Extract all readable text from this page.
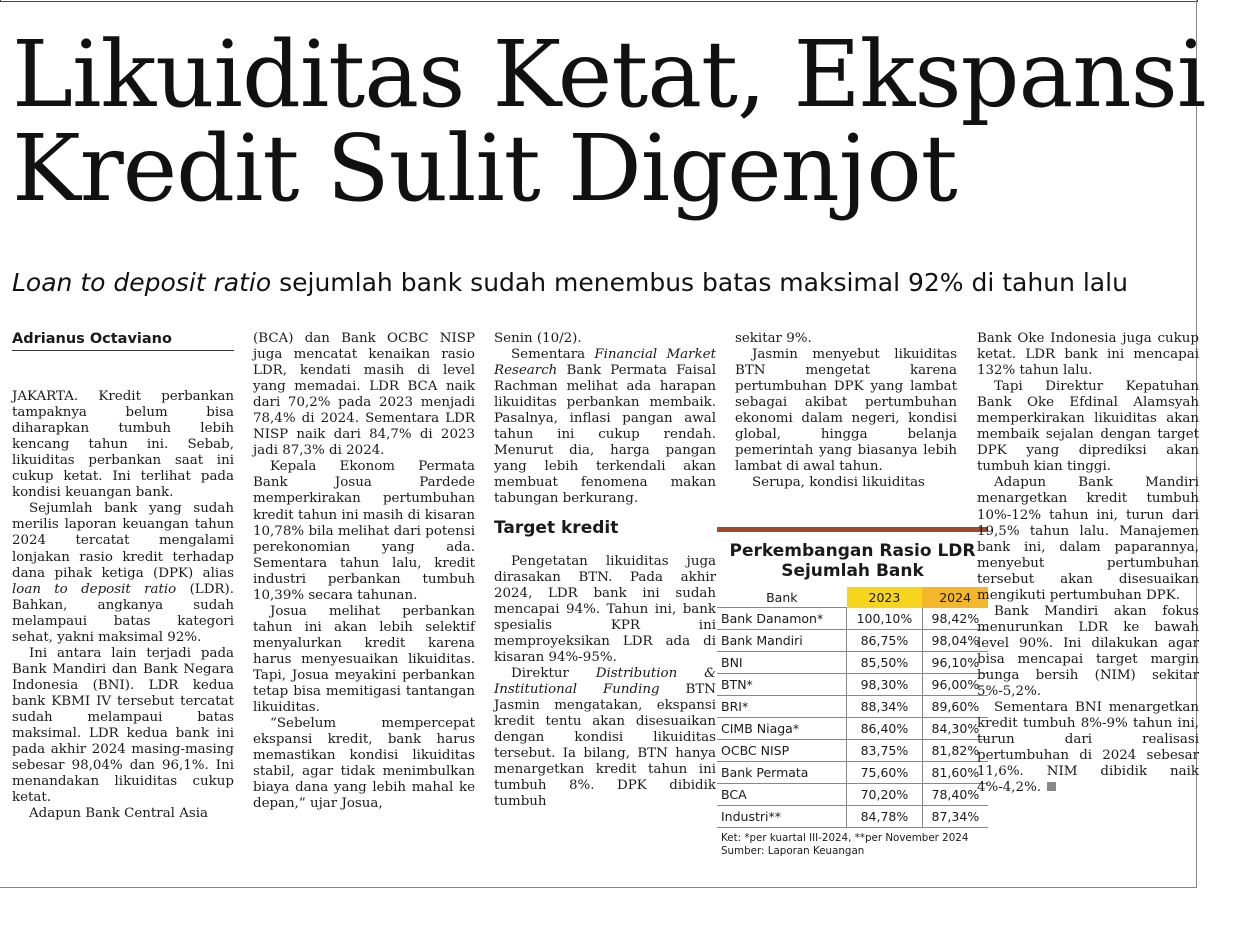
Likuiditas Ketat, Ekspansi
Kredit Sulit Digenjot
Loan to deposit ratio sejumlah bank sudah menembus batas maksimal 92% di tahun lalu
Adrianus Octaviano

JAKARTA. Kredit perbankan tampaknya belum bisa diharapkan tumbuh lebih kencang tahun ini. Sebab, likuiditas perbankan saat ini cukup ketat. Ini terlihat pada kondisi keuangan bank.

Sejumlah bank yang sudah merilis laporan keuangan tahun 2024 tercatat mengalami lonjakan rasio kredit terhadap dana pihak ketiga (DPK) alias loan to deposit ratio (LDR). Bahkan, angkanya sudah melampaui batas kategori sehat, yakni maksimal 92%.

Ini antara lain terjadi pada Bank Mandiri dan Bank Negara Indonesia (BNI). LDR kedua bank KBMI IV tersebut tercatat sudah melampaui batas maksimal. LDR kedua bank ini pada akhir 2024 masing-masing sebesar 98,04% dan 96,1%. Ini menandakan likuiditas cukup ketat.

Adapun Bank Central Asia

(BCA) dan Bank OCBC NISP juga mencatat kenaikan rasio LDR, kendati masih di level yang memadai. LDR BCA naik dari 70,2% pada 2023 menjadi 78,4% di 2024. Sementara LDR NISP naik dari 84,7% di 2023 jadi 87,3% di 2024.

Kepala Ekonom Permata Bank Josua Pardede memperkirakan pertumbuhan kredit tahun ini masih di kisaran 10,78% bila melihat dari potensi perekonomian yang ada. Sementara tahun lalu, kredit industri perbankan tumbuh 10,39% secara tahunan.

Josua melihat perbankan tahun ini akan lebih selektif menyalurkan kredit karena harus menyesuaikan likuiditas. Tapi, Josua meyakini perbankan tetap bisa memitigasi tantangan likuiditas.

“Sebelum mempercepat ekspansi kredit, bank harus memastikan kondisi likuiditas stabil, agar tidak menimbulkan biaya dana yang lebih mahal ke depan,” ujar Josua,

Senin (10/2).

Sementara Financial Market Research Bank Permata Faisal Rachman melihat ada harapan likuiditas perbankan membaik. Pasalnya, inflasi pangan awal tahun ini cukup rendah. Menurut dia, harga pangan yang lebih terkendali akan membuat fenomena makan tabungan berkurang.

Target kredit

Pengetatan likuiditas juga dirasakan BTN. Pada akhir 2024, LDR bank ini sudah mencapai 94%. Tahun ini, bank spesialis KPR ini memproyeksikan LDR ada di kisaran 94%-95%.

Direktur Distribution & Institutional Funding BTN Jasmin mengatakan, ekspansi kredit tentu akan disesuaikan dengan kondisi likuiditas tersebut. Ia bilang, BTN hanya menargetkan kredit tahun ini tumbuh 8%. DPK dibidik tumbuh

sekitar 9%.

Jasmin menyebut likuiditas BTN mengetat karena pertumbuhan DPK yang lambat sebagai akibat pertumbuhan ekonomi dalam negeri, kondisi global, hingga belanja pemerintah yang biasanya lebih lambat di awal tahun.

Serupa, kondisi likuiditas

Perkembangan Rasio LDR
Sejumlah Bank
Bank	2023	2024
Bank Danamon*	100,10%	98,42%
Bank Mandiri	86,75%	98,04%
BNI	85,50%	96,10%
BTN*	98,30%	96,00%
BRI*	88,34%	89,60%
CIMB Niaga*	86,40%	84,30%
OCBC NISP	83,75%	81,82%
Bank Permata	75,60%	81,60%
BCA	70,20%	78,40%
Industri**	84,78%	87,34%
Ket: *per kuartal III-2024, **per November 2024
Sumber: Laporan Keuangan

Bank Oke Indonesia juga cukup ketat. LDR bank ini mencapai 132% tahun lalu.

Tapi Direktur Kepatuhan Bank Oke Efdinal Alamsyah memperkirakan likuiditas akan membaik sejalan dengan target DPK yang diprediksi akan tumbuh kian tinggi.

Adapun Bank Mandiri menargetkan kredit tumbuh 10%-12% tahun ini, turun dari 19,5% tahun lalu. Manajemen bank ini, dalam paparannya, menyebut pertumbuhan tersebut akan disesuaikan mengikuti pertumbuhan DPK.

Bank Mandiri akan fokus menurunkan LDR ke bawah level 90%. Ini dilakukan agar bisa mencapai target margin bunga bersih (NIM) sekitar 5%-5,2%.

Sementara BNI menargetkan kredit tumbuh 8%-9% tahun ini, turun dari realisasi pertumbuhan di 2024 sebesar 11,6%. NIM dibidik naik 4%-4,2%.
